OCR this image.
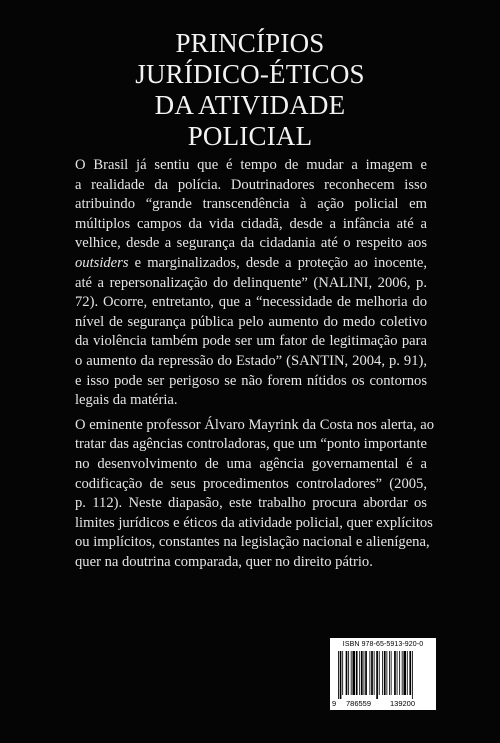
PRINCÍPIOS
JURÍDICO-ÉTICOS
DA ATIVIDADE
POLICIAL

O Brasil já sentiu que é tempo de mudar a imagem e
a realidade da polícia. Doutrinadores reconhecem isso
atribuindo “grande transcendência à ação policial em
múltiplos campos da vida cidadã, desde a infância até a
velhice, desde a segurança da cidadania até o respeito aos
outsiders e marginalizados, desde a proteção ao inocente,
até a repersonalização do delinquente” (NALINI, 2006, p.
72). Ocorre, entretanto, que a “necessidade de melhoria do
nível de segurança pública pelo aumento do medo coletivo
da violência também pode ser um fator de legitimação para
o aumento da repressão do Estado” (SANTIN, 2004, p. 91),
e isso pode ser perigoso se não forem nítidos os contornos
legais da matéria.

O eminente professor Álvaro Mayrink da Costa nos alerta, ao
tratar das agências controladoras, que um “ponto importante
no desenvolvimento de uma agência governamental é a
codificação de seus procedimentos controladores” (2005,
p. 112). Neste diapasão, este trabalho procura abordar os
limites jurídicos e éticos da atividade policial, quer explícitos
ou implícitos, constantes na legislação nacional e alienígena,
quer na doutrina comparada, quer no direito pátrio.

ISBN 978-65-5913-920-0
9 786559	139200
